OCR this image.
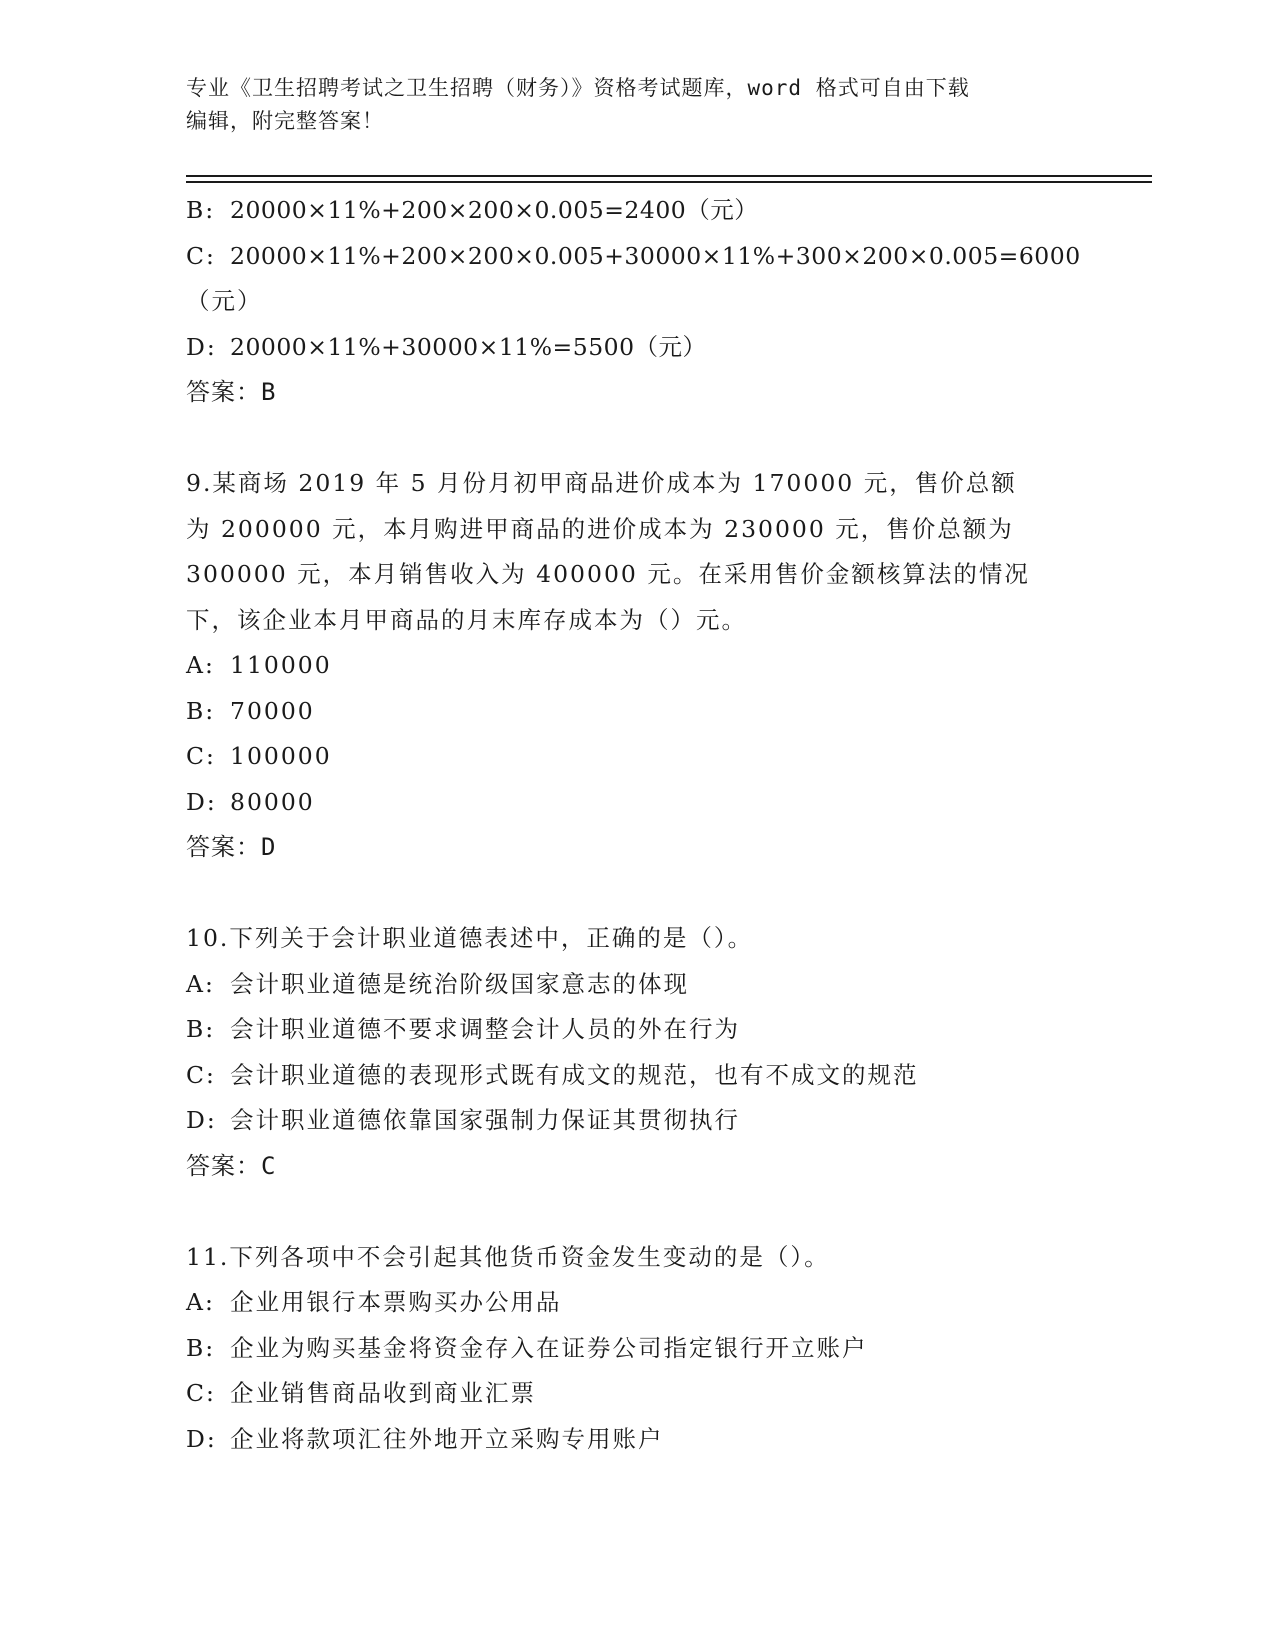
专业《卫生招聘考试之卫生招聘（财务）》资格考试题库，word 格式可自由下载
编辑，附完整答案！
B: 20000×11%+200×200×0.005=2400（元）
C: 20000×11%+200×200×0.005+30000×11%+300×200×0.005=6000
（元）
D: 20000×11%+30000×11%=5500（元）
答案：B
9.某商场 2019 年 5 月份月初甲商品进价成本为 170000 元，售价总额
为 200000 元，本月购进甲商品的进价成本为 230000 元，售价总额为
300000 元，本月销售收入为 400000 元。在采用售价金额核算法的情况
下，该企业本月甲商品的月末库存成本为（）元。
A: 110000
B: 70000
C: 100000
D: 80000
答案：D
10.下列关于会计职业道德表述中，正确的是（）。
A: 会计职业道德是统治阶级国家意志的体现
B: 会计职业道德不要求调整会计人员的外在行为
C: 会计职业道德的表现形式既有成文的规范，也有不成文的规范
D: 会计职业道德依靠国家强制力保证其贯彻执行
答案：C
11.下列各项中不会引起其他货币资金发生变动的是（）。
A: 企业用银行本票购买办公用品
B: 企业为购买基金将资金存入在证券公司指定银行开立账户
C: 企业销售商品收到商业汇票
D: 企业将款项汇往外地开立采购专用账户
